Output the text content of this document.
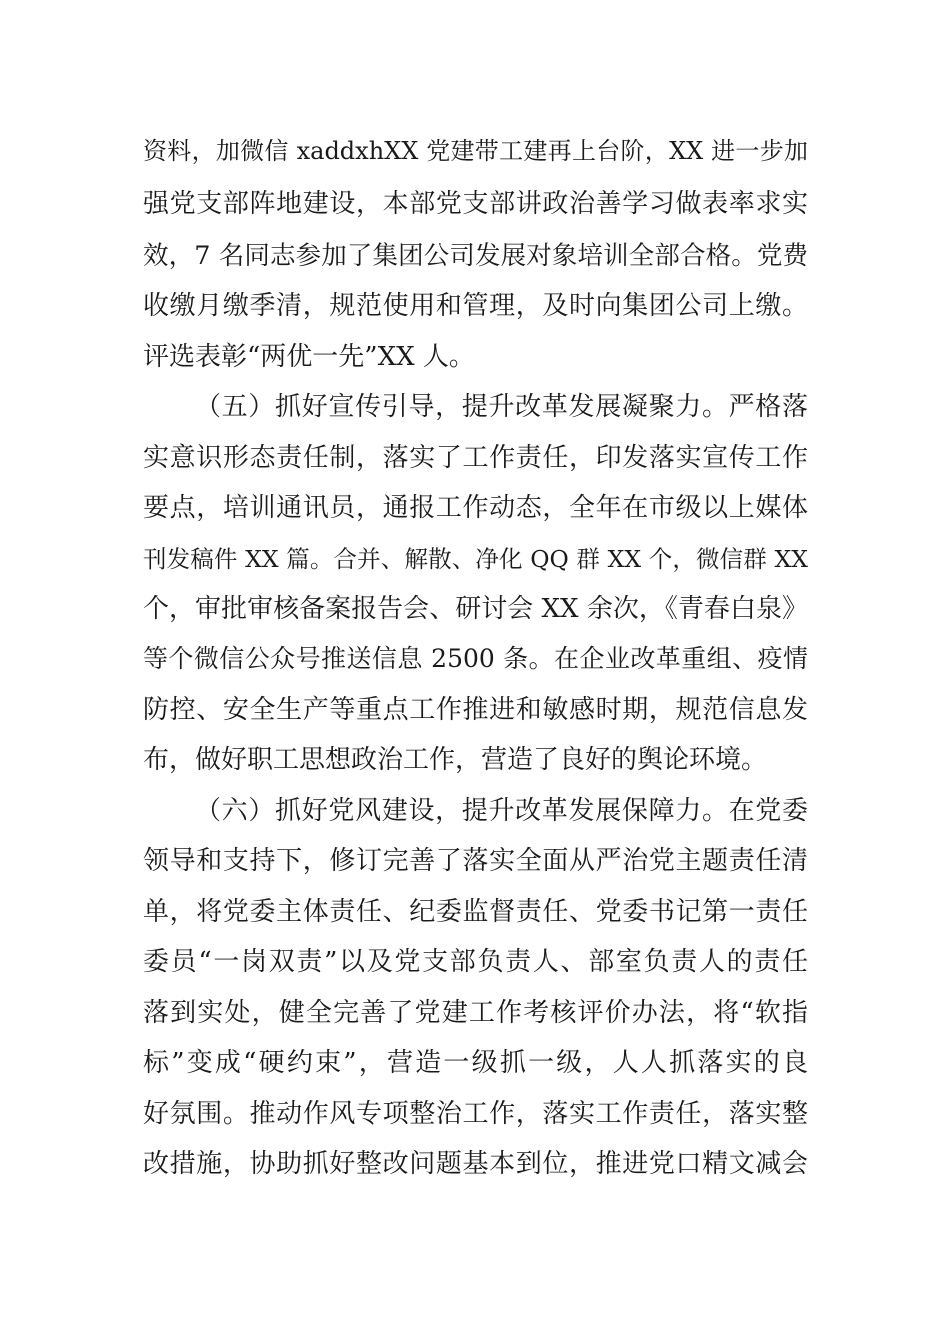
资料，加微信 xaddxhXX 党建带工建再上台阶，XX 进一步加
强党支部阵地建设，本部党支部讲政治善学习做表率求实
效，7 名同志参加了集团公司发展对象培训全部合格。党费
收缴月缴季清，规范使用和管理，及时向集团公司上缴。
评选表彰“两优一先”XX 人。
（五）抓好宣传引导，提升改革发展凝聚力。严格落
实意识形态责任制，落实了工作责任，印发落实宣传工作
要点，培训通讯员，通报工作动态，全年在市级以上媒体
刊发稿件 XX 篇。合并、解散、净化 QQ 群 XX 个，微信群 XX
个，审批审核备案报告会、研讨会 XX 余次，《青春白泉》
等个微信公众号推送信息 2500 条。在企业改革重组、疫情
防控、安全生产等重点工作推进和敏感时期，规范信息发
布，做好职工思想政治工作，营造了良好的舆论环境。
（六）抓好党风建设，提升改革发展保障力。在党委
领导和支持下，修订完善了落实全面从严治党主题责任清
单，将党委主体责任、纪委监督责任、党委书记第一责任
委员“一岗双责”以及党支部负责人、部室负责人的责任
落到实处，健全完善了党建工作考核评价办法，将“软指
标”变成“硬约束”，营造一级抓一级，人人抓落实的良
好氛围。推动作风专项整治工作，落实工作责任，落实整
改措施，协助抓好整改问题基本到位，推进党口精文减会
